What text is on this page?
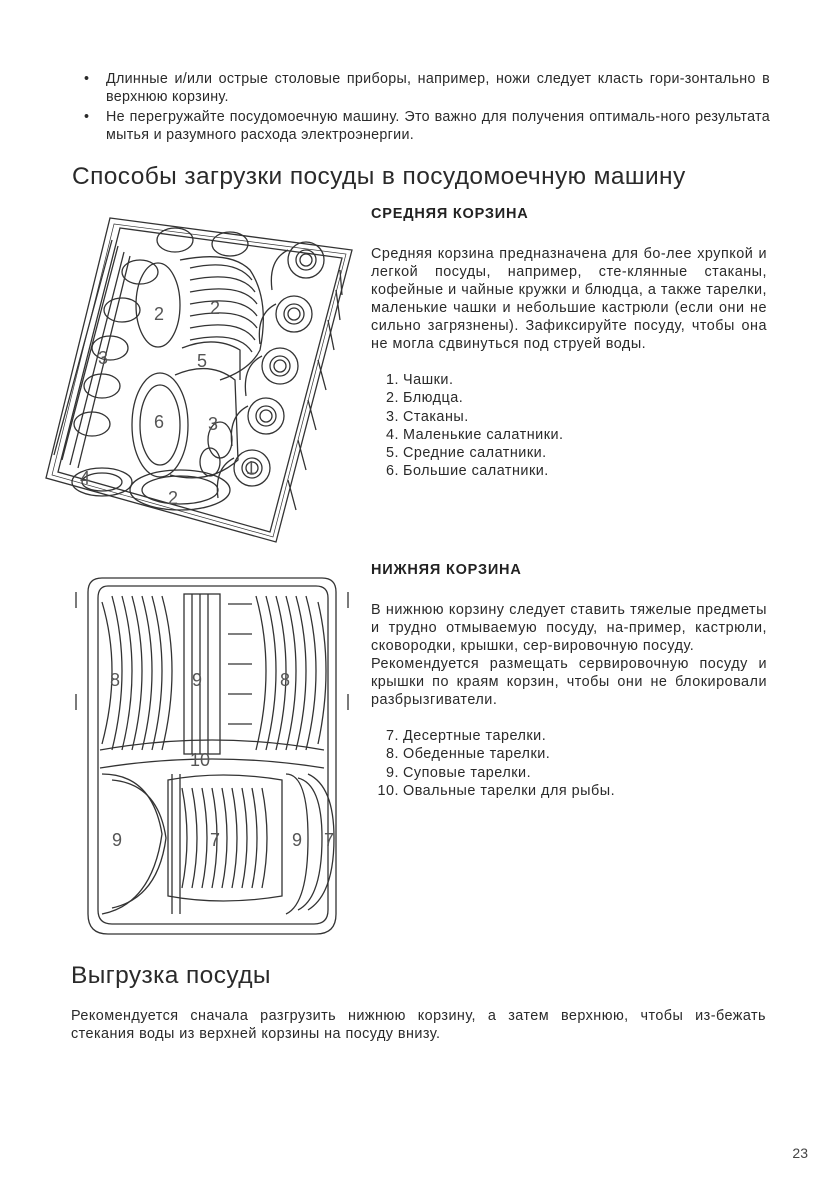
• Длинные и/или острые столовые приборы, например, ножи следует класть гори-зонтально в верхнюю корзину.
• Не перегружайте посудомоечную машину. Это важно для получения оптималь-ного результата мытья и разумного расхода электроэнергии.
Способы загрузки посуды в посудомоечную машину
2	2
3	5
6 3
4	1
2
СРЕДНЯЯ КОРЗИНА

Средняя корзина предназначена для бо-лее хрупкой и легкой посуды, например, сте-клянные стаканы, кофейные и чайные кружки и блюдца, а также тарелки, маленькие чашки и небольшие кастрюли (если они не сильно загрязнены). Зафиксируйте посуду, чтобы она не могла сдвинуться под струей воды.

1. Чашки.
2. Блюдца.
3. Стаканы.
4. Маленькие салатники.
5. Средние салатники.
6. Большие салатники.
8	9	8
10
9	7	9 7
НИЖНЯЯ КОРЗИНА

В нижнюю корзину следует ставить тяжелые предметы и трудно отмываемую посуду, на-пример, кастрюли, сковородки, крышки, сер-вировочную посуду.

Рекомендуется размещать сервировочную посуду и крышки по краям корзин, чтобы они не блокировали разбрызгиватели.

7. Десертные тарелки.
8. Обеденные тарелки.
9. Суповые тарелки.
10. Овальные тарелки для рыбы.
Выгрузка посуды

Рекомендуется сначала разгрузить нижнюю корзину, а затем верхнюю, чтобы из-бежать стекания воды из верхней корзины на посуду внизу.

23
